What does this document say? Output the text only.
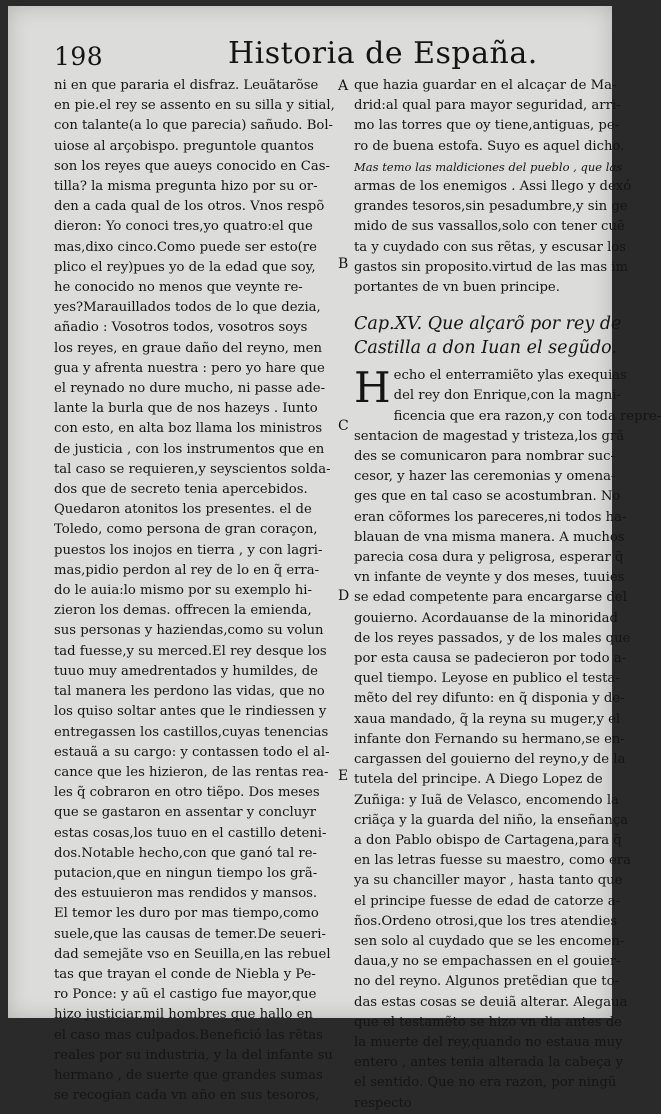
198	Historia de España.
ni en que pararia el disfraz. Leuãtarõse
en pie.el rey se assento en su silla y sitial,
con talante(a lo que parecia) sañudo. Bol-
uiose al arçobispo. preguntole quantos
son los reyes que aueys conocido en Cas-
tilla? la misma pregunta hizo por su or-
den a cada qual de los otros. Vnos respõ
dieron: Yo conoci tres,yo quatro:el que
mas,dixo cinco.Como puede ser esto(re
plico el rey)pues yo de la edad que soy,
he conocido no menos que veynte re-
yes?Marauillados todos de lo que dezia,
añadio : Vosotros todos, vosotros soys
los reyes, en graue daño del reyno, men
gua y afrenta nuestra : pero yo hare que
el reynado no dure mucho, ni passe ade-
lante la burla que de nos hazeys . Iunto
con esto, en alta boz llama los ministros
de justicia , con los instrumentos que en
tal caso se requieren,y seyscientos solda-
dos que de secreto tenia apercebidos.
Quedaron atonitos los presentes. el de
Toledo, como persona de gran coraçon,
puestos los inojos en tierra , y con lagri-
mas,pidio perdon al rey de lo en q̃ erra-
do le auia:lo mismo por su exemplo hi-
zieron los demas. offrecen la emienda,
sus personas y haziendas,como su volun
tad fuesse,y su merced.El rey desque los
tuuo muy amedrentados y humildes, de
tal manera les perdono las vidas, que no
los quiso soltar antes que le rindiessen y
entregassen los castillos,cuyas tenencias
estauã a su cargo: y contassen todo el al-
cance que les hizieron, de las rentas rea-
les q̃ cobraron en otro tiẽpo. Dos meses
que se gastaron en assentar y concluyr
estas cosas,los tuuo en el castillo deteni-
dos.Notable hecho,con que ganó tal re-
putacion,que en ningun tiempo los grã-
des estuuieron mas rendidos y mansos.
El temor les duro por mas tiempo,como
suele,que las causas de temer.De seueri-
dad semejãte vso en Seuilla,en las rebuel
tas que trayan el conde de Niebla y Pe-
ro Ponce: y aũ el castigo fue mayor,que
hizo justiciar,mil hombres que hallo en
el caso mas culpados.Benefició las rẽtas
reales por su industria, y la del infante su
hermano , de suerte que grandes sumas
se recogian cada vn año en sus tesoros,
A
B
C
D
E
que hazia guardar en el alcaçar de Ma-
drid:al qual para mayor seguridad, arri-
mo las torres que oy tiene,antiguas, pe-
ro de buena estofa. Suyo es aquel dicho.
Mas temo las maldiciones del pueblo , que las
armas de los enemigos . Assi llego y dexó
grandes tesoros,sin pesadumbre,y sin ge
mido de sus vassallos,solo con tener cuẽ
ta y cuydado con sus rẽtas, y escusar los
gastos sin proposito.virtud de las mas im
portantes de vn buen principe.
Cap.XV. Que alçarõ por rey de
Castilla a don Iuan el segũdo.
H echo el enterramiẽto ylas exequias
del rey don Enrique,con la magni-
ficencia que era razon,y con toda repre-
sentacion de magestad y tristeza,los grã
des se comunicaron para nombrar suc-
cesor, y hazer las ceremonias y omena-
ges que en tal caso se acostumbran. No
eran cõformes los pareceres,ni todos ha-
blauan de vna misma manera. A muchos
parecia cosa dura y peligrosa, esperar q̃
vn infante de veynte y dos meses, tuuies
se edad competente para encargarse del
gouierno. Acordauanse de la minoridad
de los reyes passados, y de los males que
por esta causa se padecieron por todo a-
quel tiempo. Leyose en publico el testa-
mẽto del rey difunto: en q̃ disponia y de-
xaua mandado, q̃ la reyna su muger,y el
infante don Fernando su hermano,se en-
cargassen del gouierno del reyno,y de la
tutela del principe. A Diego Lopez de
Zuñiga: y Iuã de Velasco, encomendo la
criãça y la guarda del niño, la enseñança
a don Pablo obispo de Cartagena,para q̃
en las letras fuesse su maestro, como era
ya su chanciller mayor , hasta tanto que
el principe fuesse de edad de catorze a-
ños.Ordeno otrosi,que los tres atendies
sen solo al cuydado que se les encomen-
daua,y no se empachassen en el gouier-
no del reyno. Algunos pretẽdian que to-
das estas cosas se deuiã alterar. Alegaua
que el testamẽto se hizo vn dia antes de
la muerte del rey,quando no estaua muy
entero , antes tenia alterada la cabeça y
el sentido. Que no era razon, por ningũ
respecto
